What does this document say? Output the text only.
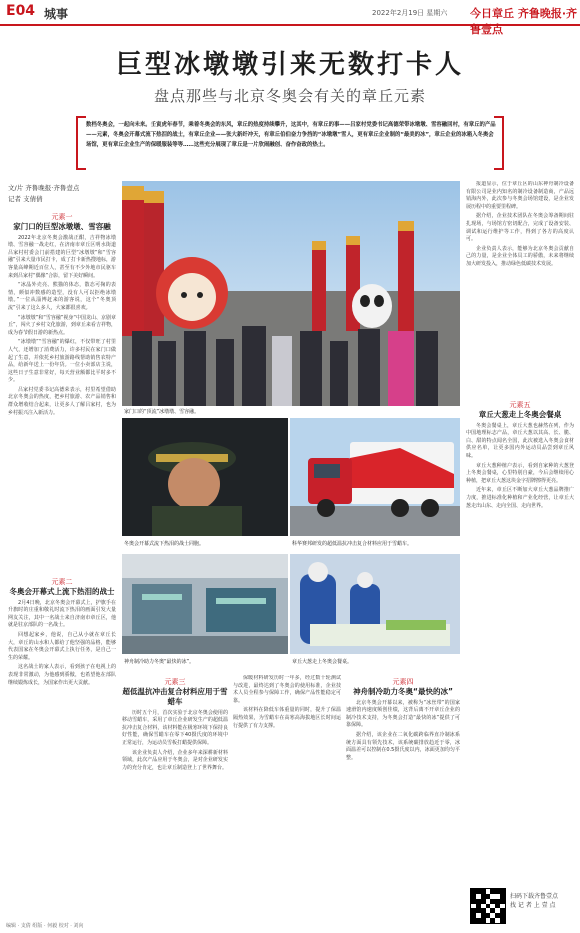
E04 城事	2022年2月19日 星期六 今日章丘 齐鲁晚报·齐鲁壹点
巨型冰墩墩引来无数打卡人
盘点那些与北京冬奥会有关的章丘元素
数档冬奥会，一起向未来。壬寅虎年春节，乘着冬奥会的东风，章丘的热度持续攀升，这其中，有章丘的事——吕家村党委书记高德荣带冰墩墩、雪容融回村，有章丘的产品——元素，冬奥会开幕式流下热泪的战士，有章丘企业——张大新纤冲天，有章丘伯伯奋力争挡的“冰墩墩”雪人，更有章丘企业制的“最美的冰”，章丘企业的冰箱入冬奥会场馆，更有章丘企业生产的保暖服装等等……这些充分展现了章丘是一片欣闹融创、奋作奋政的热土。
文/片 齐鲁晚报·齐鲁壹点
记者 支倩倩
元素一
家门口的巨型冰墩墩、雪容融

2022年北京冬奥会激战正酣，吉祥物冰墩墩、雪容融一战走红，在济南市章丘区明水街道吕家村村委会门前搭建的巨型“冰墩墩”和“雪容融”引来大量市民打卡，成了打卡新热搜地标，游客量高峰期近百位人，甚至有不少外地市民驱车来到吕家村“偶像”合影，留下美好瞬间。

“冰晶外壳亮、熊猫的体态，散态可掬的表情，颜似冲数感的造型，没有人可以拒绝冰墩墩。”一位从淄博赶来的游客说，这个“冬奥顶流”引来了这么多人，大家都很喜欢。

“冰墩墩”和“雪容融”视身“中国龙山、京剧章丘”，闯火了乡村文化旅游，到章丘来看吉祥物，成为春节假日游的新热点。

“冰墩墩”“雪容融”的爆红，不仅带旺了村里人气，还增加了消费活力，许多村民在家门口做起了生意，并依托乡村旅游路线帮助销售农特产品，给新年送上一份年货。一位小卖部店主说，这些日子生意非常好，每天营业额都比平时多不少。

吕家村党委书记高德荣表示，村里希望借助北京冬奥会的热度，把乡村旅游、农产品销售和群众增收结合起来，让更多人了解吕家村，也为乡村振兴注入新活力。

元素二
冬奥会开幕式上流下热泪的战士

2月4日晚，北京冬奥会开幕式上，护旗手在升旗时的庄重和敬礼时流下热泪的画面引发大量网友关注，其中一名战士来自济南市章丘区，他就是驻京部队的一名战士。

回想起家乡，他说，自己从小就在章丘长大，章丘的山水和人都给了他坚强的品格，能够代表国家在冬奥会开幕式上执行任务，是自己一生的荣耀。

这名战士的家人表示，看到孩子在电视上的表现非常激动，为他感到骄傲，也希望他在部队继续锻炼成长，为国家作出更大贡献。

家门口的“顶流”冰墩墩、雪容融。

报道显示，位于章丘区的山东神舟制冷设备有限公司是业内知名的制冷设备制造商，产品远销海内外，此次参与冬奥会场馆建设，是企业发展历程中的重要里程碑。

据介绍，企业技术团队在冬奥会筹备期间驻扎现场，与场馆方密切配合，完成了设备安装、调试和运行维护等工作，得到了各方的高度认可。

企业负责人表示，能够为北京冬奥会贡献自己的力量，是企业全体员工的骄傲，未来将继续加大研发投入，推动绿色低碳技术发展。

元素五
章丘大葱走上冬奥会餐桌

冬奥会餐桌上，章丘大葱也赫然在列，作为中国地理标志产品，章丘大葱以其高、长、脆、白、甜的特点闻名全国，此次被选入冬奥会食材供应名单，让更多国内外运动员品尝到章丘风味。

章丘大葱种植户表示，看到自家种的大葱登上冬奥会餐桌，心里特别自豪，今后会继续用心种植，把章丘大葱这块金字招牌擦得更亮。

近年来，章丘区不断加大章丘大葱品牌推广力度，推进标准化种植和产业化经营，让章丘大葱走出山东、走向全国、走向世界。

冬奥会开幕式流下热泪的战士同胞。	科华赛邦研发的超低温抗冲击复合材料应用于雪蜡车。
神舟制冷助力冬奥“最快的冰”。	章丘大葱走上冬奥会餐桌。
元素三
超低温抗冲击复合材料应用于雪蜡车

历时五个月，首次实验于北京冬奥会使用的移动雪蜡车，采用了章丘企业研发生产的超低温抗冲击复合材料，该材料能在极寒环境下保持良好性能，确保雪蜡车在零下40摄氏度的环境中正常运行，为运动员雪板打蜡提供保障。

该企业负责人介绍，企业多年来深耕新材料领域，此次产品应用于冬奥会，是对企业研发实力的充分肯定，也让章丘制造登上了世界舞台。

保暖材料研发历时一年多，经过数十轮测试与改进，最终达到了冬奥会的使用标准，企业技术人员全程参与保障工作，确保产品性能稳定可靠。

该材料在降低车体重量的同时，提升了保温隔热效果，为雪蜡车在高寒高海拔地区长时间运行提供了有力支撑。

元素四
神舟制冷助力冬奥“最快的冰”

北京冬奥会开幕以来，被称为“冰丝带”的国家速滑馆内速度频创佳绩，这背后离不开章丘企业的制冷技术支持，为冬奥会打造“最快的冰”提供了可靠保障。

据介绍，该企业在二氧化碳跨临界直冷制冰系统方面具有领先技术，该系统碳排放趋近于零，冰面温差可以控制在0.5摄氏度以内，冰面更加均匀平整。

扫码下载齐鲁壹点
找 记 者 上 壹 点
编辑 · 支倩 组版 · 何毅 校对 · 刘向
